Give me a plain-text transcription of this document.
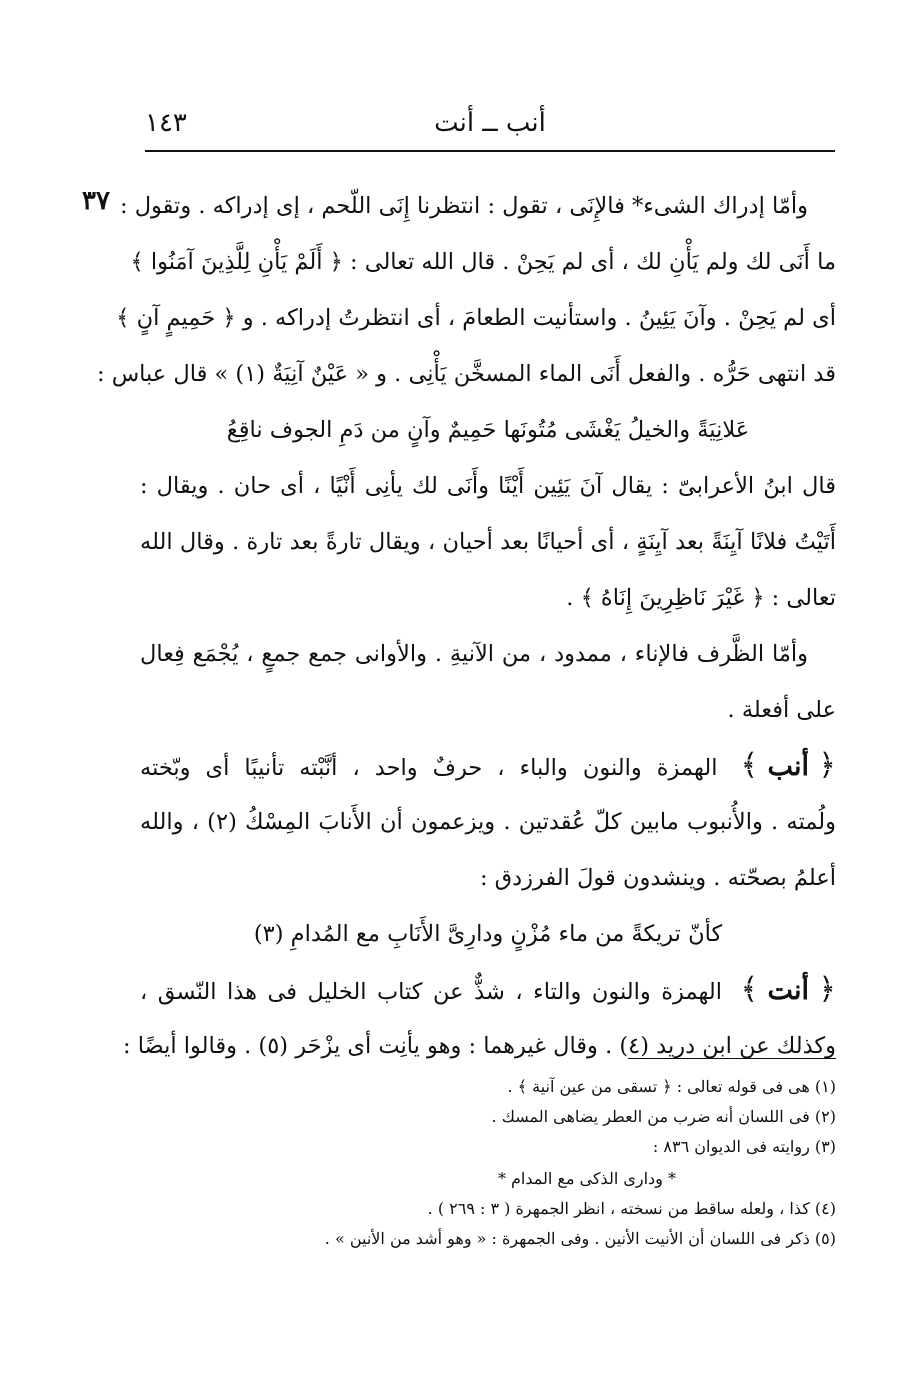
أنب ــ أنت
١٤٣
٣٧ وأمّا إدراك الشىء* فالإِنَى ، تقول : انتظرنا إِنَى اللّحم ، إى إدراكه . وتقول :
ما أَنَى لك ولم يَأْنِ لك ، أى لم يَحِنْ . قال الله تعالى : ﴿ أَلَمْ يَأْنِ لِلَّذِينَ آمَنُوا ﴾
أى لم يَحِنْ . وآنَ يَئِينُ . واستأنيت الطعامَ ، أى انتظرتُ إدراكه . و ﴿ حَمِيمٍ آنٍ ﴾
قد انتهى حَرُّه . والفعل أَنَى الماء المسخَّن يَأْنِى . و « عَيْنٌ آنِيَةٌ (١) » قال عباس :
عَلانِيَةً والخيلُ يَغْشَى مُتُونَها حَمِيمٌ وآنٍ من دَمِ الجوف ناقِعُ
قال ابنُ الأعرابىّ : يقال آنَ يَئِين أَيْنًا وأَنَى لك يأنِى أَنْيًا ، أى حان . ويقال :
أَتَيْتُ فلانًا آيِنَةً بعد آيِنَةٍ ، أى أحيانًا بعد أحيان ، ويقال تارةً بعد تارة . وقال الله
تعالى : ﴿ غَيْرَ نَاظِرِينَ إِنَاهُ ﴾ .
وأمّا الظَّرف فالإناء ، ممدود ، من الآنيةِ . والأوانى جمع جمعٍ ، يُجْمَع فِعال
على أفعلة .
﴿ أنب ﴾ الهمزة والنون والباء ، حرفٌ واحد ، أنَّبْته تأنيبًا أى وبّخته
ولُمته . والأُنبوب مابين كلّ عُقدتين . ويزعمون أن الأَنابَ المِسْكُ (٢) ، والله
أعلمُ بصحّته . وينشدون قولَ الفرزدق :
كأنّ تريكةً من ماء مُزْنٍ ودارِىَّ الأَنَابِ مع المُدامِ (٣)
﴿ أنت ﴾ الهمزة والنون والتاء ، شذٌّ عن كتاب الخليل فى هذا النّسق ،
وكذلك عن ابن دريد (٤) . وقال غيرهما : وهو يأنِت أى يزْحَر (٥) . وقالوا أيضًا :
(١) هى فى قوله تعالى : ﴿ تسقى من عين آنية ﴾ .
(٢) فى اللسان أنه ضرب من العطر يضاهى المسك .
(٣) روايته فى الديوان ٨٣٦ :
* ودارى الذكى مع المدام *
(٤) كذا ، ولعله ساقط من نسخته ، انظر الجمهرة ( ٣ : ٢٦٩ ) .
(٥) ذكر فى اللسان أن الأنيت الأنين . وفى الجمهرة : « وهو أشد من الأنين » .
